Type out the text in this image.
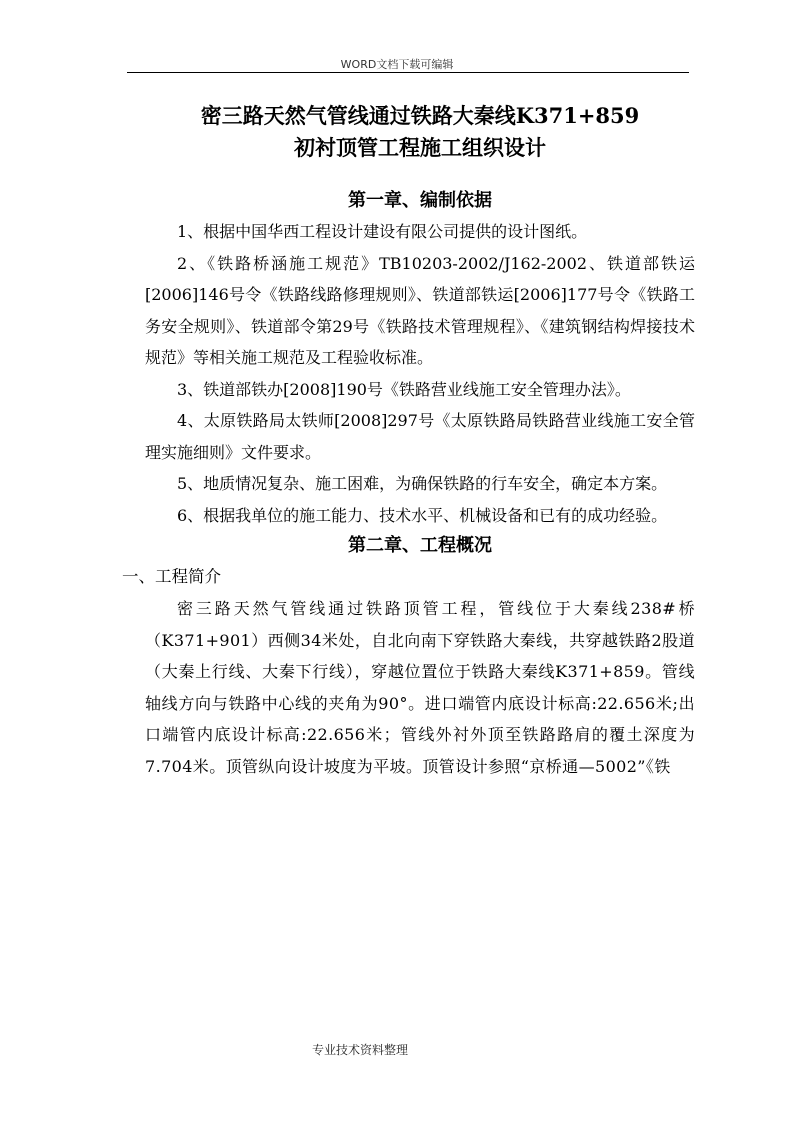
WORD文档下载可编辑

密三路天然气管线通过铁路大秦线K371+859

初衬顶管工程施工组织设计

第一章、编制依据

1、根据中国华西工程设计建设有限公司提供的设计图纸。

2、《铁路桥涵施工规范》TB10203-2002/J162-2002、铁道部铁运[2006]146号令《铁路线路修理规则》、铁道部铁运[2006]177号令《铁路工务安全规则》、铁道部令第29号《铁路技术管理规程》、《建筑钢结构焊接技术规范》等相关施工规范及工程验收标准。

3、铁道部铁办[2008]190号《铁路营业线施工安全管理办法》。

4、太原铁路局太铁师[2008]297号《太原铁路局铁路营业线施工安全管理实施细则》文件要求。

5、地质情况复杂、施工困难，为确保铁路的行车安全，确定本方案。

6、根据我单位的施工能力、技术水平、机械设备和已有的成功经验。

第二章、工程概况

一、工程简介

密三路天然气管线通过铁路顶管工程，管线位于大秦线238#桥（K371+901）西侧34米处，自北向南下穿铁路大秦线，共穿越铁路2股道（大秦上行线、大秦下行线），穿越位置位于铁路大秦线K371+859。管线轴线方向与铁路中心线的夹角为90°。进口端管内底设计标高:22.656米;出口端管内底设计标高:22.656米；管线外衬外顶至铁路路肩的覆土深度为7.704米。顶管纵向设计坡度为平坡。顶管设计参照“京桥通—5002”《铁

专业技术资料整理
